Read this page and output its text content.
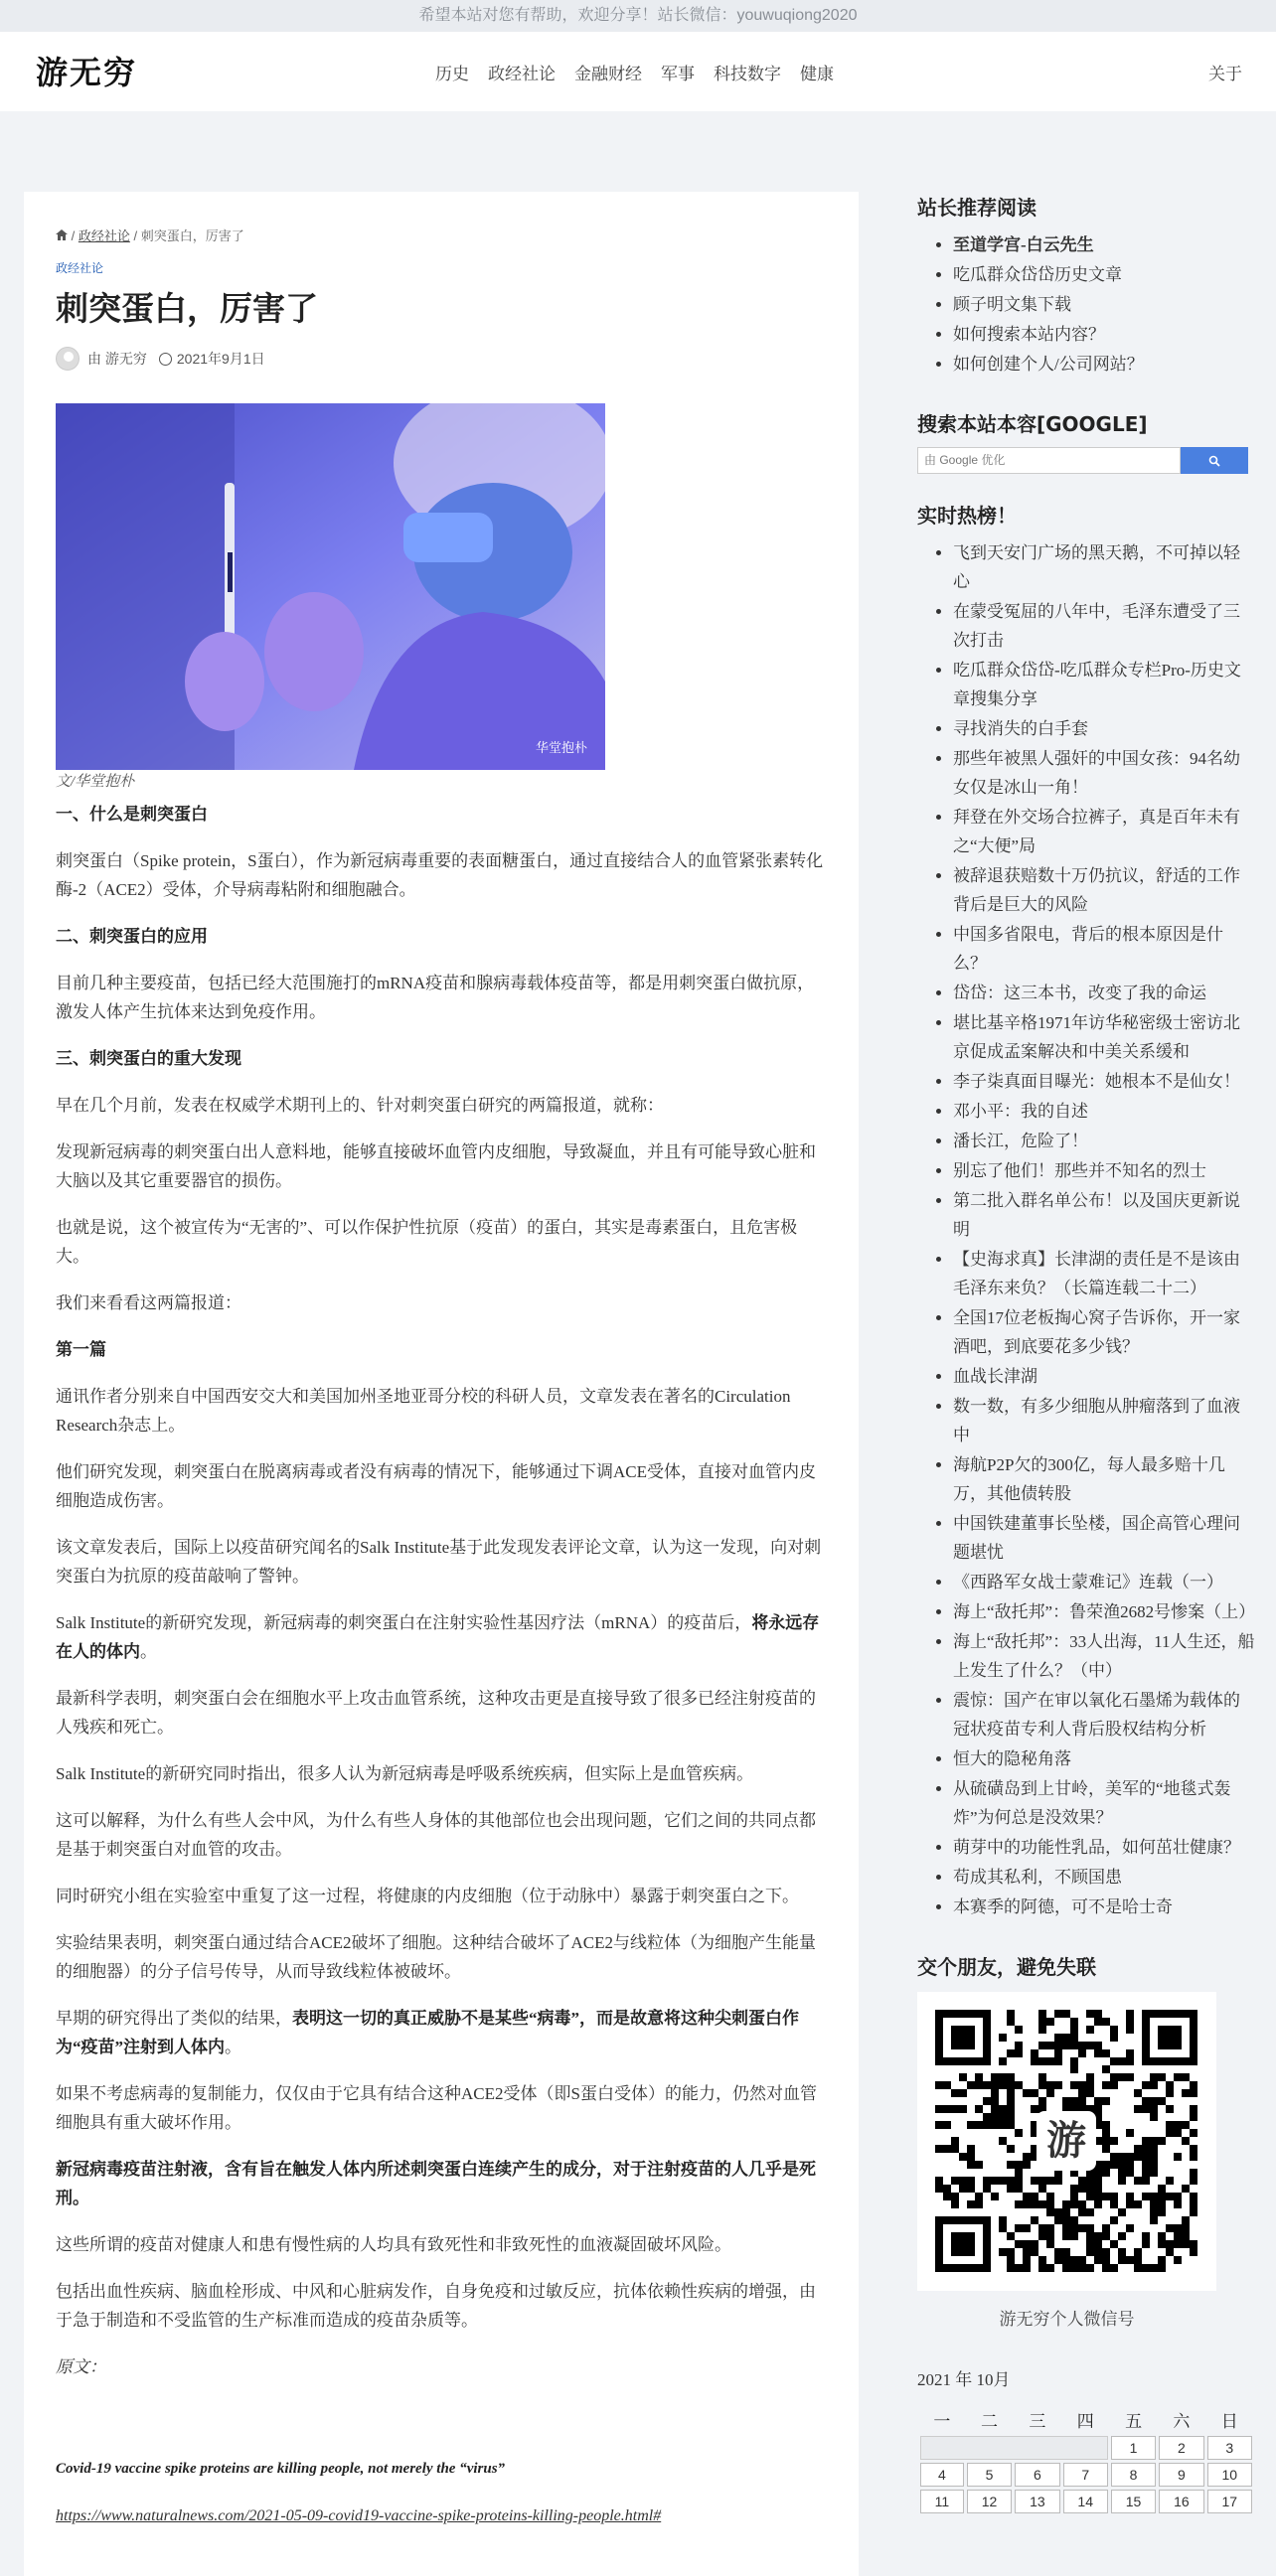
希望本站对您有帮助，欢迎分享！站长微信：youwuqiong2020
游无穷	历史 政经社论 金融财经 军事 科技数字 健康	关于
/ 政经社论 / 刺突蛋白，厉害了
政经社论
刺突蛋白，厉害了
由 游无穷 2021年9月1日
华堂抱朴
文/华堂抱朴
一、什么是刺突蛋白

刺突蛋白（Spike protein，S蛋白），作为新冠病毒重要的表面糖蛋白，通过直接结合人的血管紧张素转化酶-2（ACE2）受体，介导病毒粘附和细胞融合。

二、刺突蛋白的应用

目前几种主要疫苗，包括已经大范围施打的mRNA疫苗和腺病毒载体疫苗等，都是用刺突蛋白做抗原，激发人体产生抗体来达到免疫作用。

三、刺突蛋白的重大发现

早在几个月前，发表在权威学术期刊上的、针对刺突蛋白研究的两篇报道，就称：

发现新冠病毒的刺突蛋白出人意料地，能够直接破坏血管内皮细胞，导致凝血，并且有可能导致心脏和大脑以及其它重要器官的损伤。

也就是说，这个被宣传为“无害的”、可以作保护性抗原（疫苗）的蛋白，其实是毒素蛋白，且危害极大。

我们来看看这两篇报道：

第一篇

通讯作者分别来自中国西安交大和美国加州圣地亚哥分校的科研人员，文章发表在著名的Circulation Research杂志上。

他们研究发现，刺突蛋白在脱离病毒或者没有病毒的情况下，能够通过下调ACE受体，直接对血管内皮细胞造成伤害。

该文章发表后，国际上以疫苗研究闻名的Salk Institute基于此发现发表评论文章，认为这一发现，向对刺突蛋白为抗原的疫苗敲响了警钟。

Salk Institute的新研究发现，新冠病毒的刺突蛋白在注射实验性基因疗法（mRNA）的疫苗后，将永远存在人的体内。

最新科学表明，刺突蛋白会在细胞水平上攻击血管系统，这种攻击更是直接导致了很多已经注射疫苗的人残疾和死亡。

Salk Institute的新研究同时指出，很多人认为新冠病毒是呼吸系统疾病，但实际上是血管疾病。

这可以解释，为什么有些人会中风，为什么有些人身体的其他部位也会出现问题，它们之间的共同点都是基于刺突蛋白对血管的攻击。

同时研究小组在实验室中重复了这一过程，将健康的内皮细胞（位于动脉中）暴露于刺突蛋白之下。

实验结果表明，刺突蛋白通过结合ACE2破坏了细胞。这种结合破坏了ACE2与线粒体（为细胞产生能量的细胞器）的分子信号传导，从而导致线粒体被破坏。

早期的研究得出了类似的结果，表明这一切的真正威胁不是某些“病毒”，而是故意将这种尖刺蛋白作为“疫苗”注射到人体内。

如果不考虑病毒的复制能力，仅仅由于它具有结合这种ACE2受体（即S蛋白受体）的能力，仍然对血管细胞具有重大破坏作用。

新冠病毒疫苗注射液，含有旨在触发人体内所述刺突蛋白连续产生的成分，对于注射疫苗的人几乎是死刑。

这些所谓的疫苗对健康人和患有慢性病的人均具有致死性和非致死性的血液凝固破坏风险。

包括出血性疾病、脑血栓形成、中风和心脏病发作，自身免疫和过敏反应，抗体依赖性疾病的增强，由于急于制造和不受监管的生产标准而造成的疫苗杂质等。

原文：

Covid-19 vaccine spike proteins are killing people, not merely the “virus”

https://www.naturalnews.com/2021-05-09-covid19-vaccine-spike-proteins-killing-people.html#

站长推荐阅读
• 至道学宫-白云先生
• 吃瓜群众岱岱历史文章
• 顾子明文集下载
• 如何搜索本站内容？
• 如何创建个人/公司网站？
搜索本站本容[GOOGLE]
由 Google 优化
实时热榜！
• 飞到天安门广场的黑天鹅，不可掉以轻心
• 在蒙受冤屈的八年中，毛泽东遭受了三次打击
• 吃瓜群众岱岱-吃瓜群众专栏Pro-历史文章搜集分享
• 寻找消失的白手套
• 那些年被黑人强奸的中国女孩：94名幼女仅是冰山一角！
• 拜登在外交场合拉裤子，真是百年未有之“大便”局
• 被辞退获赔数十万仍抗议，舒适的工作背后是巨大的风险
• 中国多省限电，背后的根本原因是什么？
• 岱岱：这三本书，改变了我的命运
• 堪比基辛格1971年访华秘密级士密访北京促成孟案解决和中美关系缓和
• 李子柒真面目曝光：她根本不是仙女！
• 邓小平：我的自述
• 潘长江，危险了！
• 别忘了他们！那些并不知名的烈士
• 第二批入群名单公布！以及国庆更新说明
• 【史海求真】长津湖的责任是不是该由毛泽东来负？（长篇连载二十二）
• 全国17位老板掏心窝子告诉你，开一家酒吧，到底要花多少钱？
• 血战长津湖
• 数一数，有多少细胞从肿瘤落到了血液中
• 海航P2P欠的300亿，每人最多赔十几万，其他债转股
• 中国铁建董事长坠楼，国企高管心理问题堪忧
• 《西路军女战士蒙难记》连载（一）
• 海上“敌托邦”：鲁荣渔2682号惨案（上）
• 海上“敌托邦”：33人出海，11人生还，船上发生了什么？（中）
• 震惊：国产在审以氧化石墨烯为载体的冠状疫苗专利人背后股权结构分析
• 恒大的隐秘角落
• 从硫磺岛到上甘岭，美军的“地毯式轰炸”为何总是没效果？
• 萌芽中的功能性乳品，如何茁壮健康？
• 苟成其私利，不顾国患
• 本赛季的阿德，可不是哈士奇
交个朋友，避免失联
游
游无穷个人微信号
2021 年 10月
一	二	三	四	五	六	日
				1	2	3
4	5	6	7	8	9	10
11	12	13	14	15	16	17
